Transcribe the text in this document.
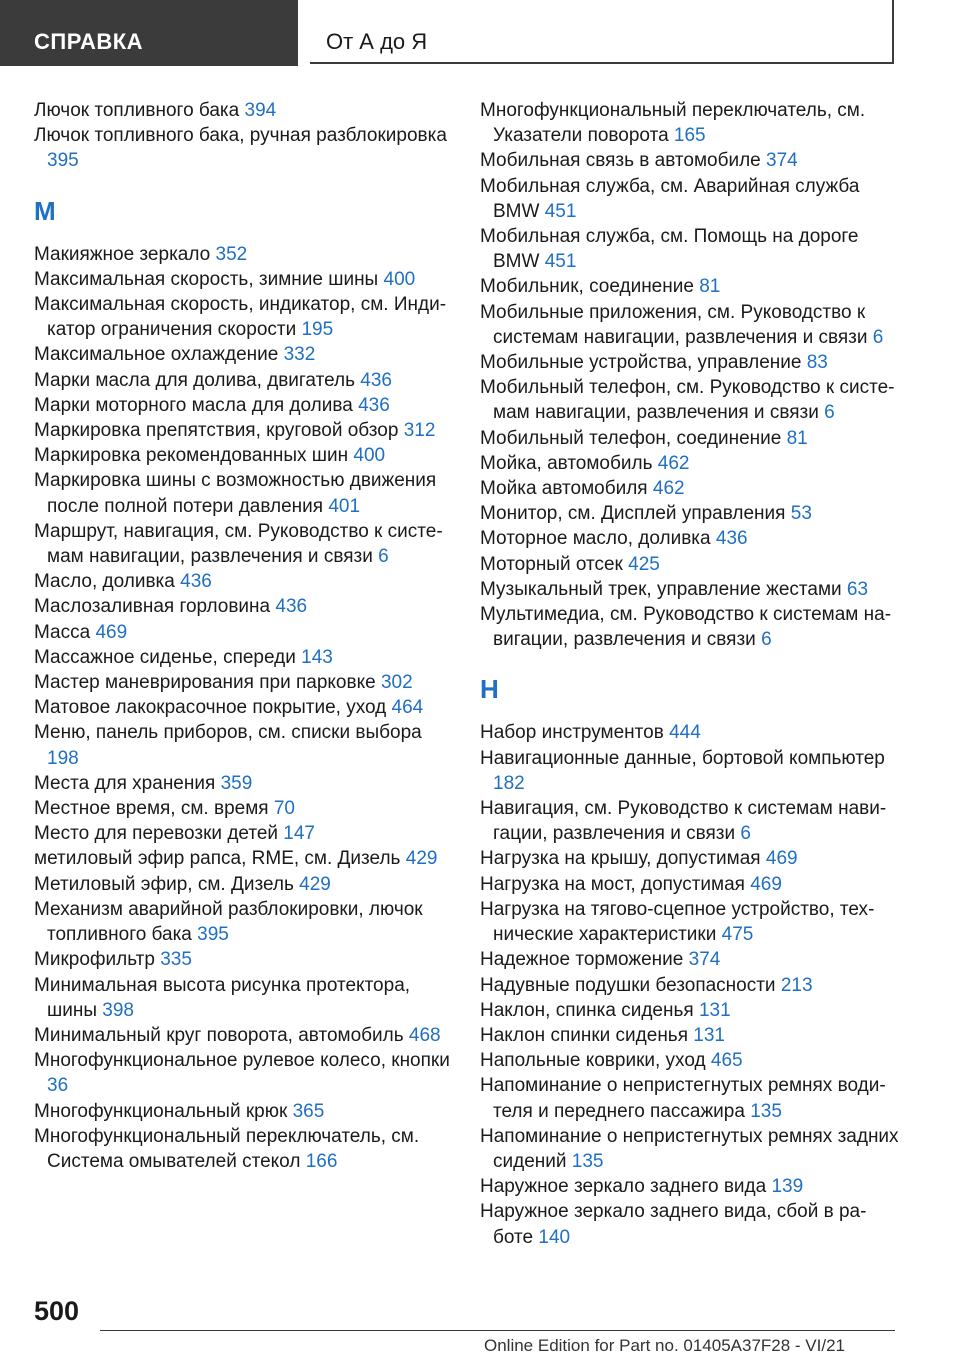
СПРАВКА	От А до Я

Лючок топливного бака 394

Лючок топливного бака, ручная разблокировка 395

М

Макияжное зеркало 352

Максимальная скорость, зимние шины 400

Максимальная скорость, индикатор, см. Индикатор ограничения скорости 195

Максимальное охлаждение 332

Марки масла для долива, двигатель 436

Марки моторного масла для долива 436

Маркировка препятствия, круговой обзор 312

Маркировка рекомендованных шин 400

Маркировка шины с возможностью движения после полной потери давления 401

Маршрут, навигация, см. Руководство к системам навигации, развлечения и связи 6

Масло, доливка 436

Маслозаливная горловина 436

Масса 469

Массажное сиденье, спереди 143

Мастер маневрирования при парковке 302

Матовое лакокрасочное покрытие, уход 464

Меню, панель приборов, см. списки выбора 198

Места для хранения 359

Местное время, см. время 70

Место для перевозки детей 147

метиловый эфир рапса, RME, см. Дизель 429

Метиловый эфир, см. Дизель 429

Механизм аварийной разблокировки, лючок топливного бака 395

Микрофильтр 335

Минимальная высота рисунка протектора, шины 398

Минимальный круг поворота, автомобиль 468

Многофункциональное рулевое колесо, кнопки 36

Многофункциональный крюк 365

Многофункциональный переключатель, см. Система омывателей стекол 166

Многофункциональный переключатель, см. Указатели поворота 165

Мобильная связь в автомобиле 374

Мобильная служба, см. Аварийная служба BMW 451

Мобильная служба, см. Помощь на дороге BMW 451

Мобильник, соединение 81

Мобильные приложения, см. Руководство к системам навигации, развлечения и связи 6

Мобильные устройства, управление 83

Мобильный телефон, см. Руководство к системам навигации, развлечения и связи 6

Мобильный телефон, соединение 81

Мойка, автомобиль 462

Мойка автомобиля 462

Монитор, см. Дисплей управления 53

Моторное масло, доливка 436

Моторный отсек 425

Музыкальный трек, управление жестами 63

Мультимедиа, см. Руководство к системам навигации, развлечения и связи 6

Н

Набор инструментов 444

Навигационные данные, бортовой компьютер 182

Навигация, см. Руководство к системам навигации, развлечения и связи 6

Нагрузка на крышу, допустимая 469

Нагрузка на мост, допустимая 469

Нагрузка на тягово-сцепное устройство, технические характеристики 475

Надежное торможение 374

Надувные подушки безопасности 213

Наклон, спинка сиденья 131

Наклон спинки сиденья 131

Напольные коврики, уход 465

Напоминание о непристегнутых ремнях водителя и переднего пассажира 135

Напоминание о непристегнутых ремнях задних сидений 135

Наружное зеркало заднего вида 139

Наружное зеркало заднего вида, сбой в работе 140

500
Online Edition for Part no. 01405A37F28 - VI/21
